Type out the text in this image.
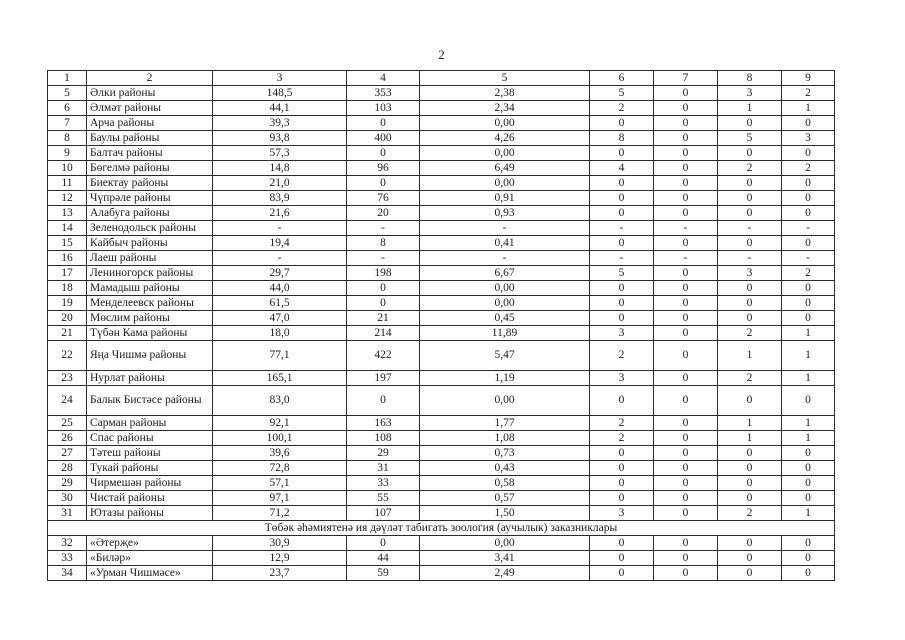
2
1	2	3	4	5	6	7	8	9
5	Әлки районы	148,5	353	2,38	5	0	3	2
6	Әлмәт районы	44,1	103	2,34	2	0	1	1
7	Арча районы	39,3	0	0,00	0	0	0	0
8	Баулы районы	93,8	400	4,26	8	0	5	3
9	Балтач районы	57,3	0	0,00	0	0	0	0
10	Бөгелмә районы	14,8	96	6,49	4	0	2	2
11	Биектау районы	21,0	0	0,00	0	0	0	0
12	Чүпрәле районы	83,9	76	0,91	0	0	0	0
13	Алабуга районы	21,6	20	0,93	0	0	0	0
14	Зеленодольск районы	-	-	-	-	-	-	-
15	Кайбыч районы	19,4	8	0,41	0	0	0	0
16	Лаеш районы	-	-	-	-	-	-	-
17	Лениногорск районы	29,7	198	6,67	5	0	3	2
18	Мамадыш районы	44,0	0	0,00	0	0	0	0
19	Менделеевск районы	61,5	0	0,00	0	0	0	0
20	Мөслим районы	47,0	21	0,45	0	0	0	0
21	Түбән Кама районы	18,0	214	11,89	3	0	2	1
22	Яңа Чишмә районы	77,1	422	5,47	2	0	1	1
23	Нурлат районы	165,1	197	1,19	3	0	2	1
24	Балык Бистәсе районы	83,0	0	0,00	0	0	0	0
25	Сарман районы	92,1	163	1,77	2	0	1	1
26	Спас районы	100,1	108	1,08	2	0	1	1
27	Тәтеш районы	39,6	29	0,73	0	0	0	0
28	Тукай районы	72,8	31	0,43	0	0	0	0
29	Чирмешән районы	57,1	33	0,58	0	0	0	0
30	Чистай районы	97,1	55	0,57	0	0	0	0
31	Ютазы районы	71,2	107	1,50	3	0	2	1
Төбәк әһәмиятенә ия дәүләт табигать зоология (аучылык) заказниклары								
32	«Әтерҗе»	30,9	0	0,00	0	0	0	0
33	«Биләр»	12,9	44	3,41	0	0	0	0
34	«Урман Чишмәсе»	23,7	59	2,49	0	0	0	0
